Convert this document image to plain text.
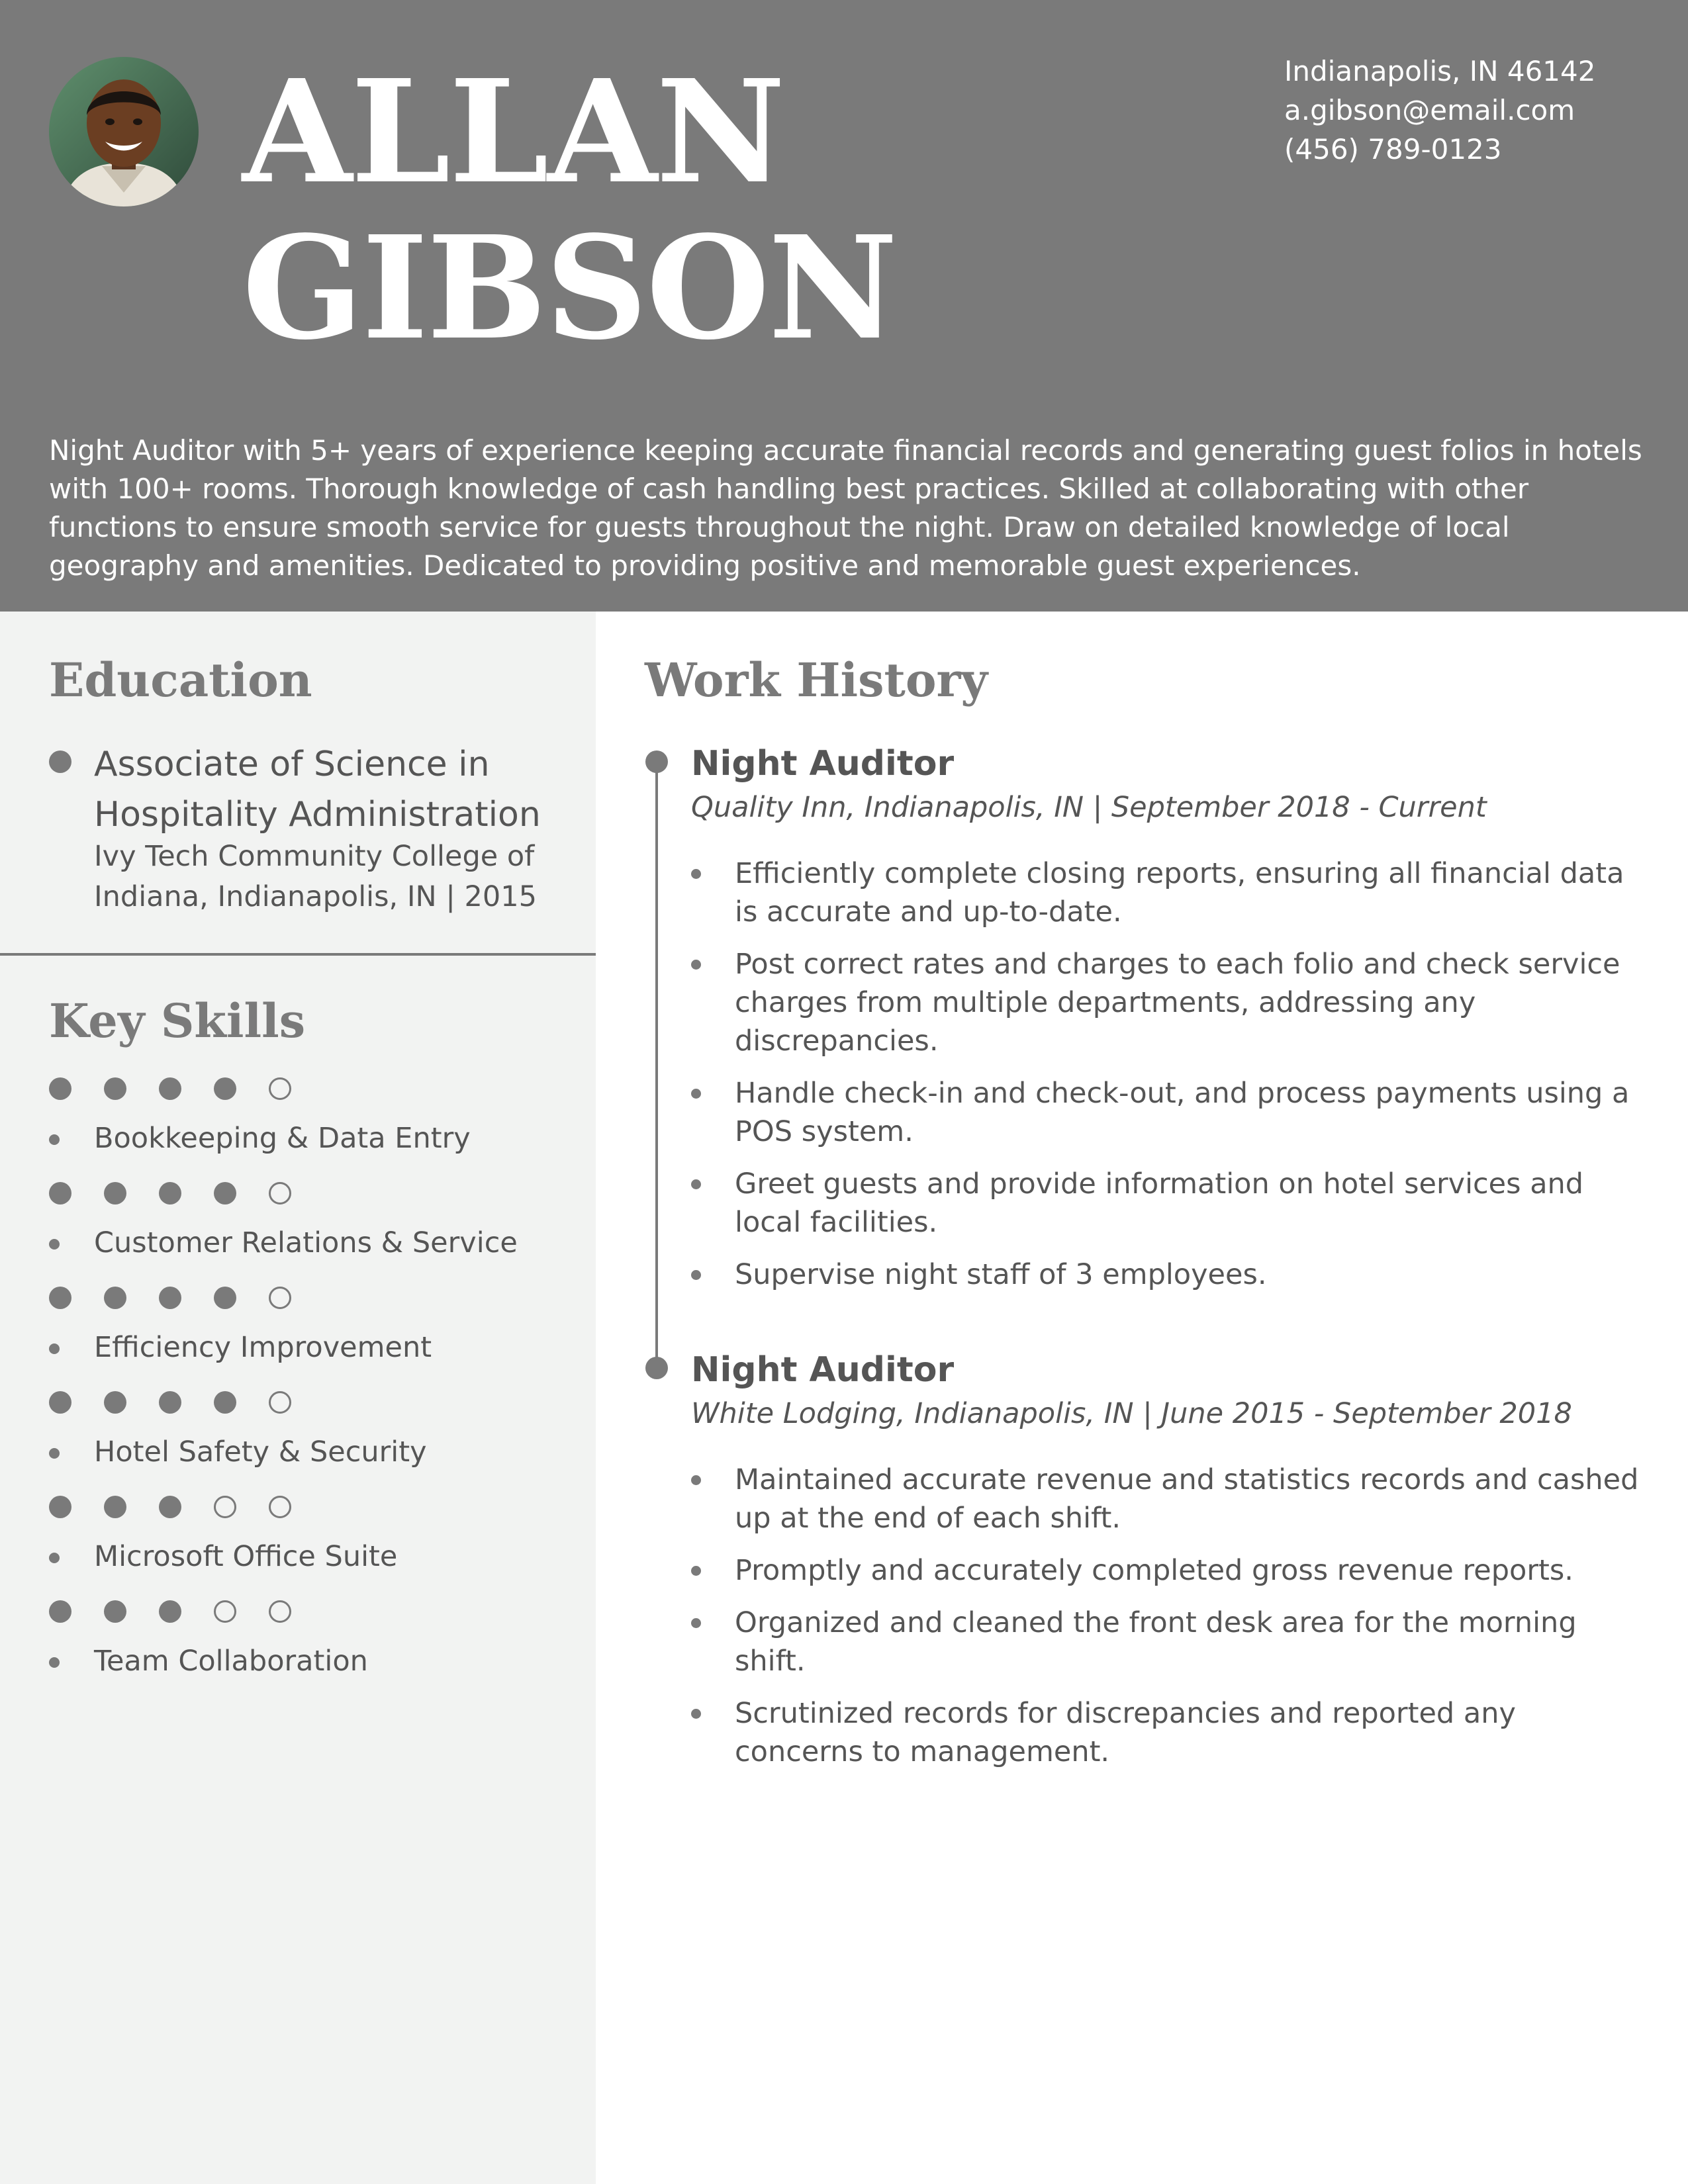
ALLAN
GIBSON
Indianapolis, IN 46142
a.gibson@email.com
(456) 789-0123

Night Auditor with 5+ years of experience keeping accurate financial records and generating guest folios in hotels with 100+ rooms. Thorough knowledge of cash handling best practices. Skilled at collaborating with other functions to ensure smooth service for guests throughout the night. Draw on detailed knowledge of local geography and amenities. Dedicated to providing positive and memorable guest experiences.

Education
Associate of Science in Hospitality Administration
Ivy Tech Community College of Indiana, Indianapolis, IN | 2015
Key Skills
Bookkeeping & Data Entry
Customer Relations & Service
Efficiency Improvement
Hotel Safety & Security
Microsoft Office Suite
Team Collaboration
Work History
Night Auditor
Quality Inn, Indianapolis, IN | September 2018 - Current
Efficiently complete closing reports, ensuring all financial data is accurate and up-to-date.
Post correct rates and charges to each folio and check service charges from multiple departments, addressing any discrepancies.
Handle check-in and check-out, and process payments using a POS system.
Greet guests and provide information on hotel services and local facilities.
Supervise night staff of 3 employees.
Night Auditor
White Lodging, Indianapolis, IN | June 2015 - September 2018
Maintained accurate revenue and statistics records and cashed up at the end of each shift.
Promptly and accurately completed gross revenue reports.
Organized and cleaned the front desk area for the morning shift.
Scrutinized records for discrepancies and reported any concerns to management.
